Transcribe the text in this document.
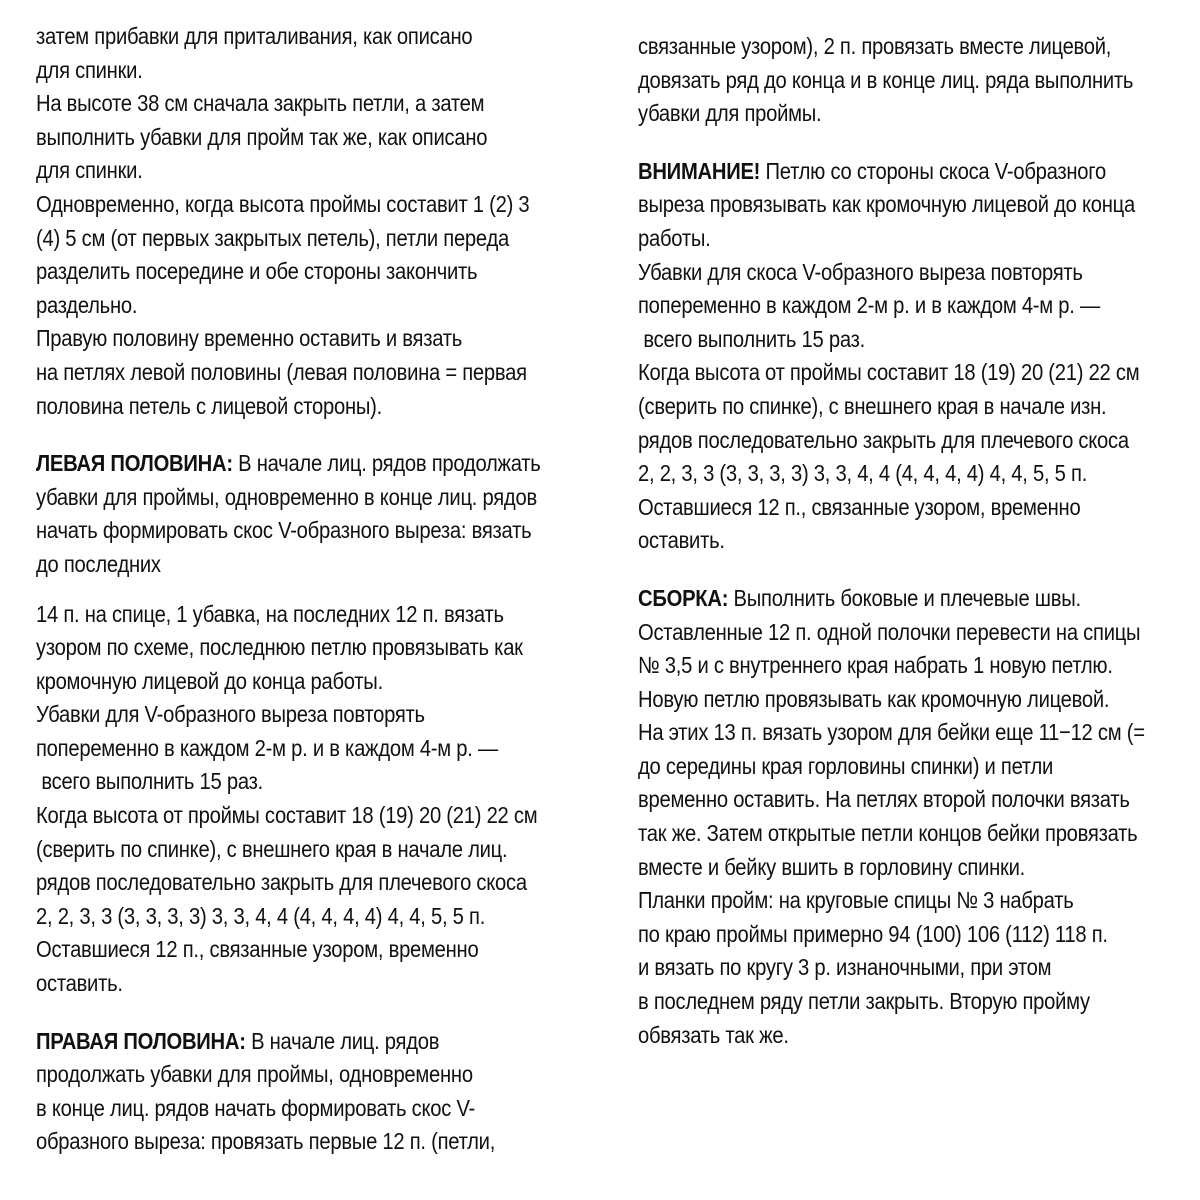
затем прибавки для приталивания, как описано
для спинки.
На высоте 38 см сначала закрыть петли, а затем
выполнить убавки для пройм так же, как описано
для спинки.
Одновременно, когда высота проймы составит 1 (2) 3
(4) 5 см (от первых закрытых петель), петли переда
разделить посередине и обе стороны закончить
раздельно.
Правую половину временно оставить и вязать
на петлях левой половины (левая половина = первая
половина петель с лицевой стороны).
ЛЕВАЯ ПОЛОВИНА: В начале лиц. рядов продолжать
убавки для проймы, одновременно в конце лиц. рядов
начать формировать скос V-образного выреза: вязать
до последних
14 п. на спице, 1 убавка, на последних 12 п. вязать
узором по схеме, последнюю петлю провязывать как
кромочную лицевой до конца работы.
Убавки для V-образного выреза повторять
попеременно в каждом 2-м р. и в каждом 4-м р. —
всего выполнить 15 раз.
Когда высота от проймы составит 18 (19) 20 (21) 22 см
(сверить по спинке), с внешнего края в начале лиц.
рядов последовательно закрыть для плечевого скоса
2, 2, 3, 3 (3, 3, 3, 3) 3, 3, 4, 4 (4, 4, 4, 4) 4, 4, 5, 5 п.
Оставшиеся 12 п., связанные узором, временно
оставить.
ПРАВАЯ ПОЛОВИНА: В начале лиц. рядов
продолжать убавки для проймы, одновременно
в конце лиц. рядов начать формировать скос V-
образного выреза: провязать первые 12 п. (петли,
связанные узором), 2 п. провязать вместе лицевой,
довязать ряд до конца и в конце лиц. ряда выполнить
убавки для проймы.
ВНИМАНИЕ! Петлю со стороны скоса V-образного
выреза провязывать как кромочную лицевой до конца
работы.
Убавки для скоса V-образного выреза повторять
попеременно в каждом 2-м р. и в каждом 4-м р. —
всего выполнить 15 раз.
Когда высота от проймы составит 18 (19) 20 (21) 22 см
(сверить по спинке), с внешнего края в начале изн.
рядов последовательно закрыть для плечевого скоса
2, 2, 3, 3 (3, 3, 3, 3) 3, 3, 4, 4 (4, 4, 4, 4) 4, 4, 5, 5 п.
Оставшиеся 12 п., связанные узором, временно
оставить.
СБОРКА: Выполнить боковые и плечевые швы.
Оставленные 12 п. одной полочки перевести на спицы
№ 3,5 и с внутреннего края набрать 1 новую петлю.
Новую петлю провязывать как кромочную лицевой.
На этих 13 п. вязать узором для бейки еще 11−12 см (=
до середины края горловины спинки) и петли
временно оставить. На петлях второй полочки вязать
так же. Затем открытые петли концов бейки провязать
вместе и бейку вшить в горловину спинки.
Планки пройм: на круговые спицы № 3 набрать
по краю проймы примерно 94 (100) 106 (112) 118 п.
и вязать по кругу 3 р. изнаночными, при этом
в последнем ряду петли закрыть. Вторую пройму
обвязать так же.
